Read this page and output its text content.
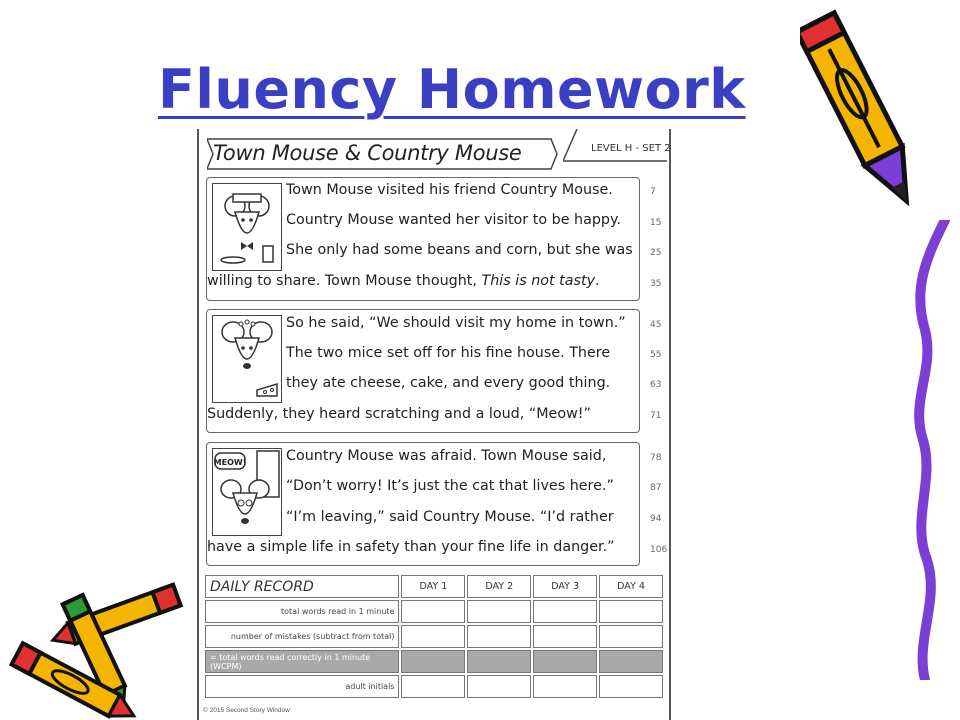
Fluency Homework
Town Mouse & Country Mouse	LEVEL H - SET 2
Town Mouse visited his friend Country Mouse.
Country Mouse wanted her visitor to be happy.
She only had some beans and corn, but she was
willing to share. Town Mouse thought, This is not tasty.
7
15
25
35
So he said, “We should visit my home in town.”
The two mice set off for his fine house. There
they ate cheese, cake, and every good thing.
Suddenly, they heard scratching and a loud, “Meow!”
45
55
63
71
MEOW!	Country Mouse was afraid. Town Mouse said,
“Don’t worry! It’s just the cat that lives here.”
“I’m leaving,” said Country Mouse. “I’d rather
have a simple life in safety than your fine life in danger.”
78
87
94
106
DAILY RECORD	DAY 1	DAY 2	DAY 3	DAY 4
total words read in 1 minute				
number of mistakes (subtract from total)				
= total words read correctly in 1 minute (WCPM)				
adult initials				
© 2015 Second Story Window
